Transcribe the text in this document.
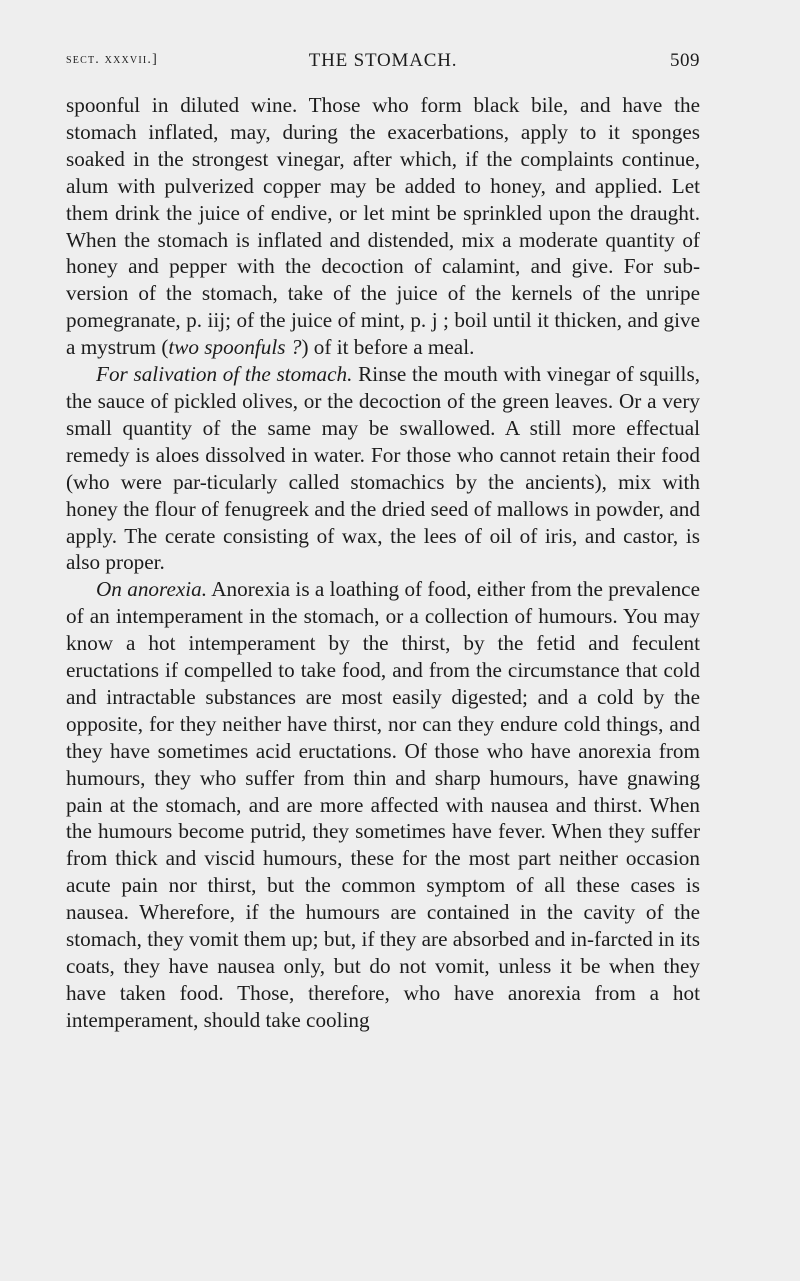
sect. xxxvii.]	THE STOMACH.	509

spoonful in diluted wine. Those who form black bile, and have the stomach inflated, may, during the exacerbations, apply to it sponges soaked in the strongest vinegar, after which, if the complaints continue, alum with pulverized copper may be added to honey, and applied. Let them drink the juice of endive, or let mint be sprinkled upon the draught. When the stomach is inflated and distended, mix a moderate quantity of honey and pepper with the decoction of calamint, and give. For sub-version of the stomach, take of the juice of the kernels of the unripe pomegranate, p. iij; of the juice of mint, p. j ; boil until it thicken, and give a mystrum (two spoonfuls ?) of it before a meal.

For salivation of the stomach. Rinse the mouth with vinegar of squills, the sauce of pickled olives, or the decoction of the green leaves. Or a very small quantity of the same may be swallowed. A still more effectual remedy is aloes dissolved in water. For those who cannot retain their food (who were par-ticularly called stomachics by the ancients), mix with honey the flour of fenugreek and the dried seed of mallows in powder, and apply. The cerate consisting of wax, the lees of oil of iris, and castor, is also proper.

On anorexia. Anorexia is a loathing of food, either from the prevalence of an intemperament in the stomach, or a collection of humours. You may know a hot intemperament by the thirst, by the fetid and feculent eructations if compelled to take food, and from the circumstance that cold and intractable substances are most easily digested; and a cold by the opposite, for they neither have thirst, nor can they endure cold things, and they have sometimes acid eructations. Of those who have anorexia from humours, they who suffer from thin and sharp humours, have gnawing pain at the stomach, and are more affected with nausea and thirst. When the humours become putrid, they sometimes have fever. When they suffer from thick and viscid humours, these for the most part neither occasion acute pain nor thirst, but the common symptom of all these cases is nausea. Wherefore, if the humours are contained in the cavity of the stomach, they vomit them up; but, if they are absorbed and in-farcted in its coats, they have nausea only, but do not vomit, unless it be when they have taken food. Those, therefore, who have anorexia from a hot intemperament, should take cooling
